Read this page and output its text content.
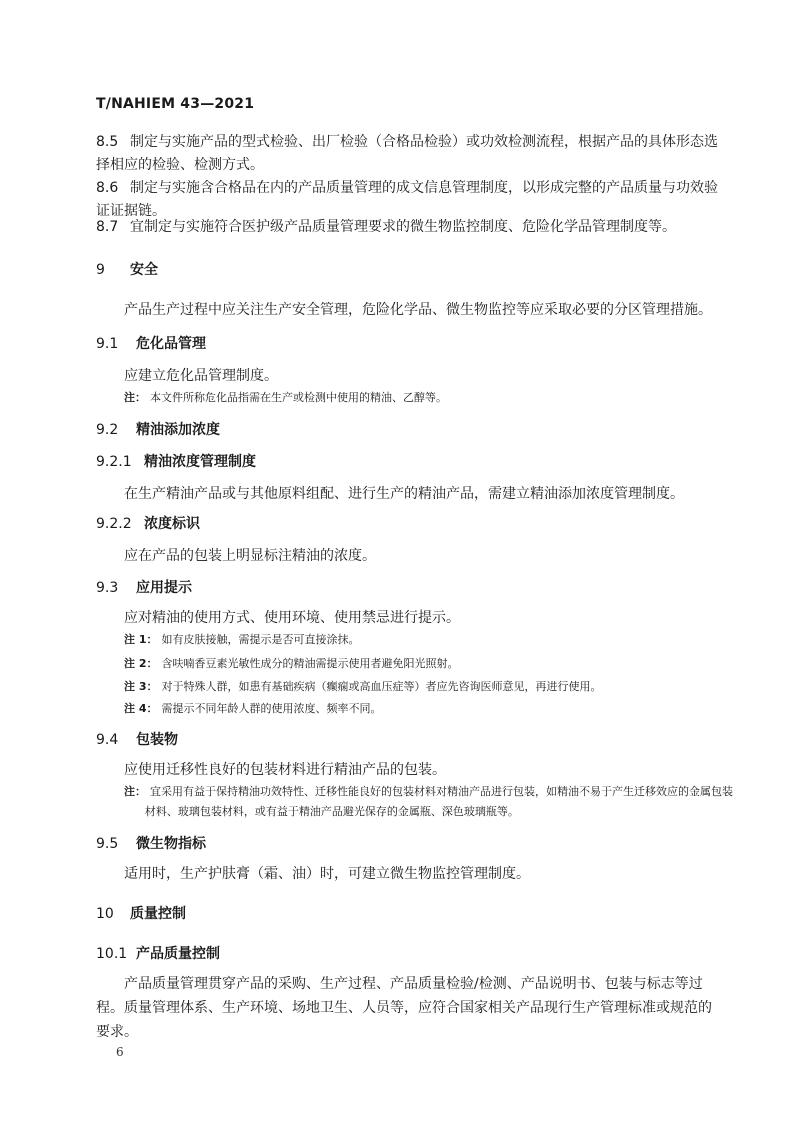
T/NAHIEM 43—2021
8.5 制定与实施产品的型式检验、出厂检验（合格品检验）或功效检测流程，根据产品的具体形态选择相应的检验、检测方式。
8.6 制定与实施含合格品在内的产品质量管理的成文信息管理制度，以形成完整的产品质量与功效验证证据链。
8.7 宜制定与实施符合医护级产品质量管理要求的微生物监控制度、危险化学品管理制度等。
9 安全
产品生产过程中应关注生产安全管理，危险化学品、微生物监控等应采取必要的分区管理措施。
9.1 危化品管理
应建立危化品管理制度。
注： 本文件所称危化品指需在生产或检测中使用的精油、乙醇等。
9.2 精油添加浓度
9.2.1 精油浓度管理制度
在生产精油产品或与其他原料组配、进行生产的精油产品，需建立精油添加浓度管理制度。
9.2.2 浓度标识
应在产品的包装上明显标注精油的浓度。
9.3 应用提示
应对精油的使用方式、使用环境、使用禁忌进行提示。
注 1： 如有皮肤接触，需提示是否可直接涂抹。
注 2： 含呋喃香豆素光敏性成分的精油需提示使用者避免阳光照射。
注 3： 对于特殊人群，如患有基础疾病（癫痫或高血压症等）者应先咨询医师意见，再进行使用。
注 4： 需提示不同年龄人群的使用浓度、频率不同。
9.4 包装物
应使用迁移性良好的包装材料进行精油产品的包装。
注： 宜采用有益于保持精油功效特性、迁移性能良好的包装材料对精油产品进行包装，如精油不易于产生迁移效应的金属包装材料、玻璃包装材料，或有益于精油产品避光保存的金属瓶、深色玻璃瓶等。
9.5 微生物指标
适用时，生产护肤膏（霜、油）时，可建立微生物监控管理制度。
10 质量控制
10.1 产品质量控制
产品质量管理贯穿产品的采购、生产过程、产品质量检验/检测、产品说明书、包装与标志等过程。 质量管理体系、生产环境、场地卫生、人员等，应符合国家相关产品现行生产管理标准或规范的要求。
6
